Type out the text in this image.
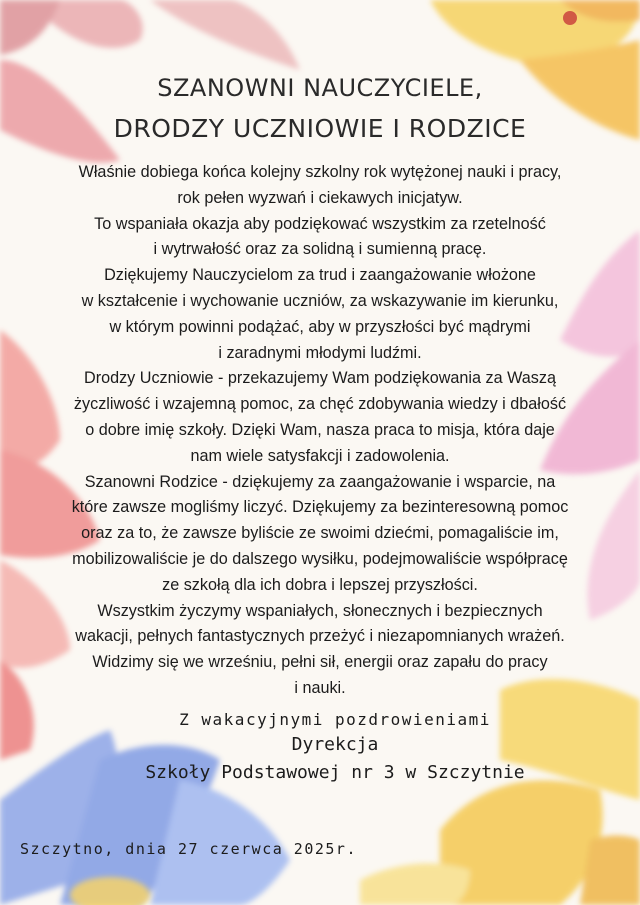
SZANOWNI NAUCZYCIELE,
DRODZY UCZNIOWIE I RODZICE

Właśnie dobiega końca kolejny szkolny rok wytężonej nauki i pracy,

rok pełen wyzwań i ciekawych inicjatyw.

To wspaniała okazja aby podziękować wszystkim za rzetelność

i wytrwałość oraz za solidną i sumienną pracę.

Dziękujemy Nauczycielom za trud i zaangażowanie włożone

w kształcenie i wychowanie uczniów, za wskazywanie im kierunku,

w którym powinni podążać, aby w przyszłości być mądrymi

i zaradnymi młodymi ludźmi.

Drodzy Uczniowie - przekazujemy Wam podziękowania za Waszą

życzliwość i wzajemną pomoc, za chęć zdobywania wiedzy i dbałość

o dobre imię szkoły. Dzięki Wam, nasza praca to misja, która daje

nam wiele satysfakcji i zadowolenia.

Szanowni Rodzice - dziękujemy za zaangażowanie i wsparcie, na

które zawsze mogliśmy liczyć. Dziękujemy za bezinteresowną pomoc

oraz za to, że zawsze byliście ze swoimi dziećmi, pomagaliście im,

mobilizowaliście je do dalszego wysiłku, podejmowaliście współpracę

ze szkołą dla ich dobra i lepszej przyszłości.

Wszystkim życzymy wspaniałych, słonecznych i bezpiecznych

wakacji, pełnych fantastycznych przeżyć i niezapomnianych wrażeń.

Widzimy się we wrześniu, pełni sił, energii oraz zapału do pracy

i nauki.

Z wakacyjnymi pozdrowieniami

Dyrekcja

Szkoły Podstawowej nr 3 w Szczytnie

Szczytno, dnia 27 czerwca 2025r.
